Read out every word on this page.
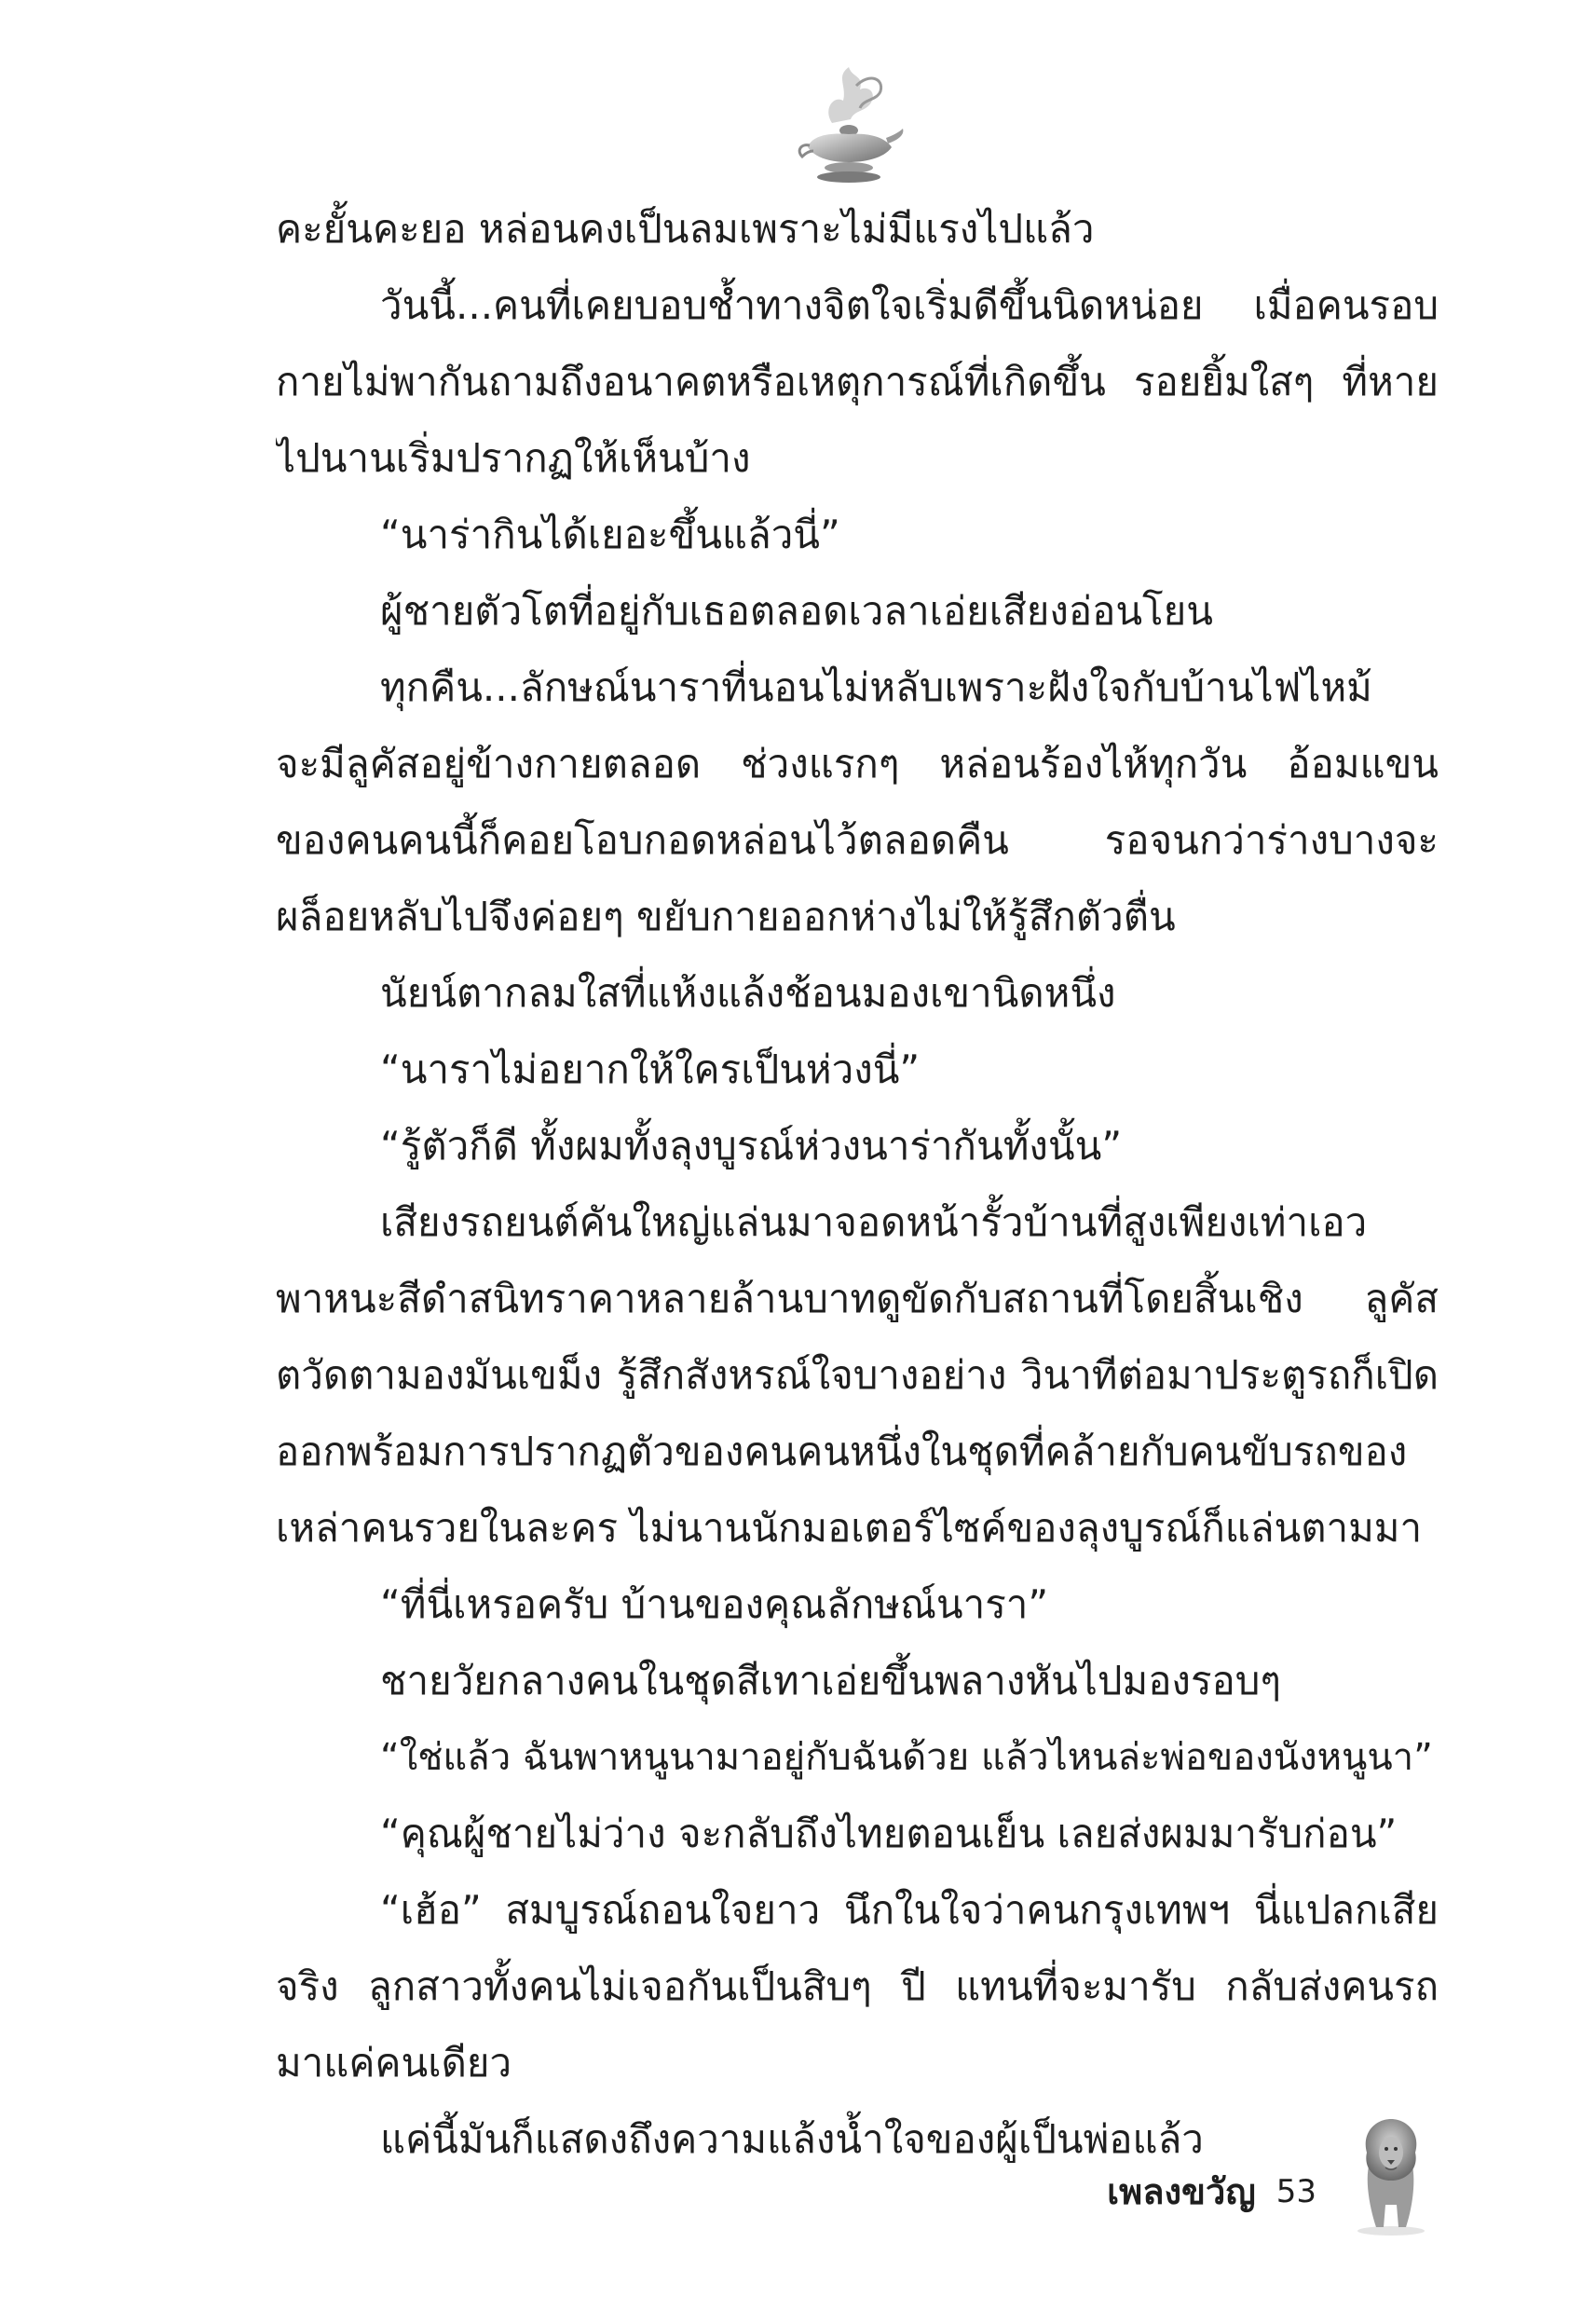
คะยั้นคะยอ หล่อนคงเป็นลมเพราะไม่มีแรงไปแล้ว
วันนี้...คนที่เคยบอบช้ำทางจิตใจเริ่มดีขึ้นนิดหน่อย เมื่อคนรอบ
กายไม่พากันถามถึงอนาคตหรือเหตุการณ์ที่เกิดขึ้น รอยยิ้มใสๆ ที่หาย
ไปนานเริ่มปรากฏให้เห็นบ้าง
“นาร่ากินได้เยอะขึ้นแล้วนี่”
ผู้ชายตัวโตที่อยู่กับเธอตลอดเวลาเอ่ยเสียงอ่อนโยน
ทุกคืน...ลักษณ์นาราที่นอนไม่หลับเพราะฝังใจกับบ้านไฟไหม้
จะมีลูคัสอยู่ข้างกายตลอด ช่วงแรกๆ หล่อนร้องไห้ทุกวัน อ้อมแขน
ของคนคนนี้ก็คอยโอบกอดหล่อนไว้ตลอดคืน รอจนกว่าร่างบางจะ
ผล็อยหลับไปจึงค่อยๆ ขยับกายออกห่างไม่ให้รู้สึกตัวตื่น
นัยน์ตากลมใสที่แห้งแล้งช้อนมองเขานิดหนึ่ง
“นาราไม่อยากให้ใครเป็นห่วงนี่”
“รู้ตัวก็ดี ทั้งผมทั้งลุงบูรณ์ห่วงนาร่ากันทั้งนั้น”
เสียงรถยนต์คันใหญ่แล่นมาจอดหน้ารั้วบ้านที่สูงเพียงเท่าเอว
พาหนะสีดำสนิทราคาหลายล้านบาทดูขัดกับสถานที่โดยสิ้นเชิง ลูคัส
ตวัดตามองมันเขม็ง รู้สึกสังหรณ์ใจบางอย่าง วินาทีต่อมาประตูรถก็เปิด
ออกพร้อมการปรากฏตัวของคนคนหนึ่งในชุดที่คล้ายกับคนขับรถของ
เหล่าคนรวยในละคร ไม่นานนักมอเตอร์ไซค์ของลุงบูรณ์ก็แล่นตามมา
“ที่นี่เหรอครับ บ้านของคุณลักษณ์นารา”
ชายวัยกลางคนในชุดสีเทาเอ่ยขึ้นพลางหันไปมองรอบๆ
“ใช่แล้ว ฉันพาหนูนามาอยู่กับฉันด้วย แล้วไหนล่ะพ่อของนังหนูนา”
“คุณผู้ชายไม่ว่าง จะกลับถึงไทยตอนเย็น เลยส่งผมมารับก่อน”
“เฮ้อ” สมบูรณ์ถอนใจยาว นึกในใจว่าคนกรุงเทพฯ นี่แปลกเสีย
จริง ลูกสาวทั้งคนไม่เจอกันเป็นสิบๆ ปี แทนที่จะมารับ กลับส่งคนรถ
มาแค่คนเดียว
แค่นี้มันก็แสดงถึงความแล้งน้ำใจของผู้เป็นพ่อแล้ว
เพลงขวัญ 53
